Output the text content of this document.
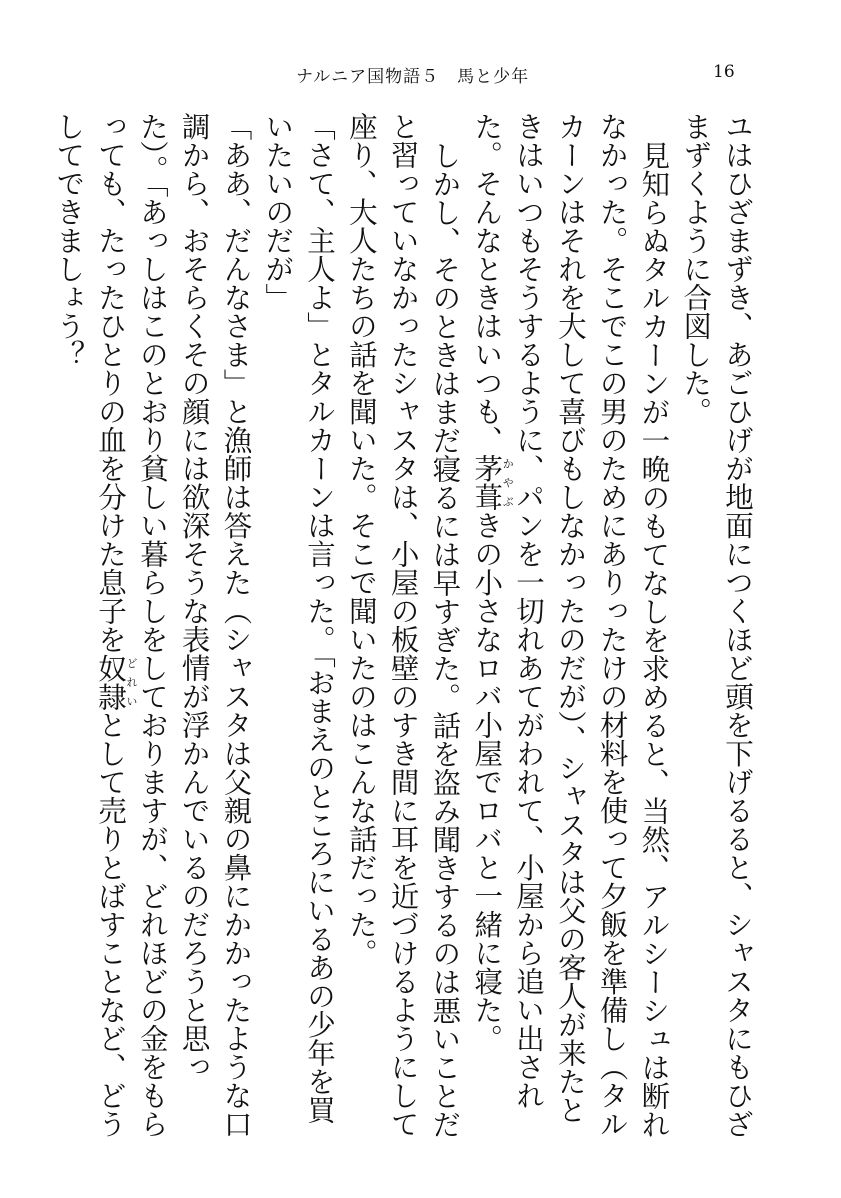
ナルニア国物語５　馬と少年	16

ユはひざまずき、あごひげが地面につくほど頭を下げるると、シャスタにもひざまずくように合図した。

見知らぬタルカーンが一晩のもてなしを求めると、当然、アルシーシュは断れなかった。そこでこの男のためにありったけの材料を使って夕飯を準備し（タルカーンはそれを大して喜びもしなかったのだが）、シャスタは父の客人が来たときはいつもそうするように、パンを一切れあてがわれて、小屋から追い出された。そんなときはいつも、茅葺かやぶきの小さなロバ小屋でロバと一緒に寝た。

しかし、そのときはまだ寝るには早すぎた。話を盗み聞きするのは悪いことだと習っていなかったシャスタは、小屋の板壁のすき間に耳を近づけるようにして座り、大人たちの話を聞いた。そこで聞いたのはこんな話だった。

「さて、主人よ」とタルカーンは言った。「おまえのところにいるあの少年を買いたいのだが」

「ああ、だんなさま」と漁師は答えた（シャスタは父親の鼻にかかったような口調から、おそらくその顔には欲深そうな表情が浮かんでいるのだろうと思った）。「あっしはこのとおり貧しい暮らしをしておりますが、どれほどの金をもらっても、たったひとりの血を分けた息子を奴隷どれいとして売りとばすことなど、どうしてできましょう？
